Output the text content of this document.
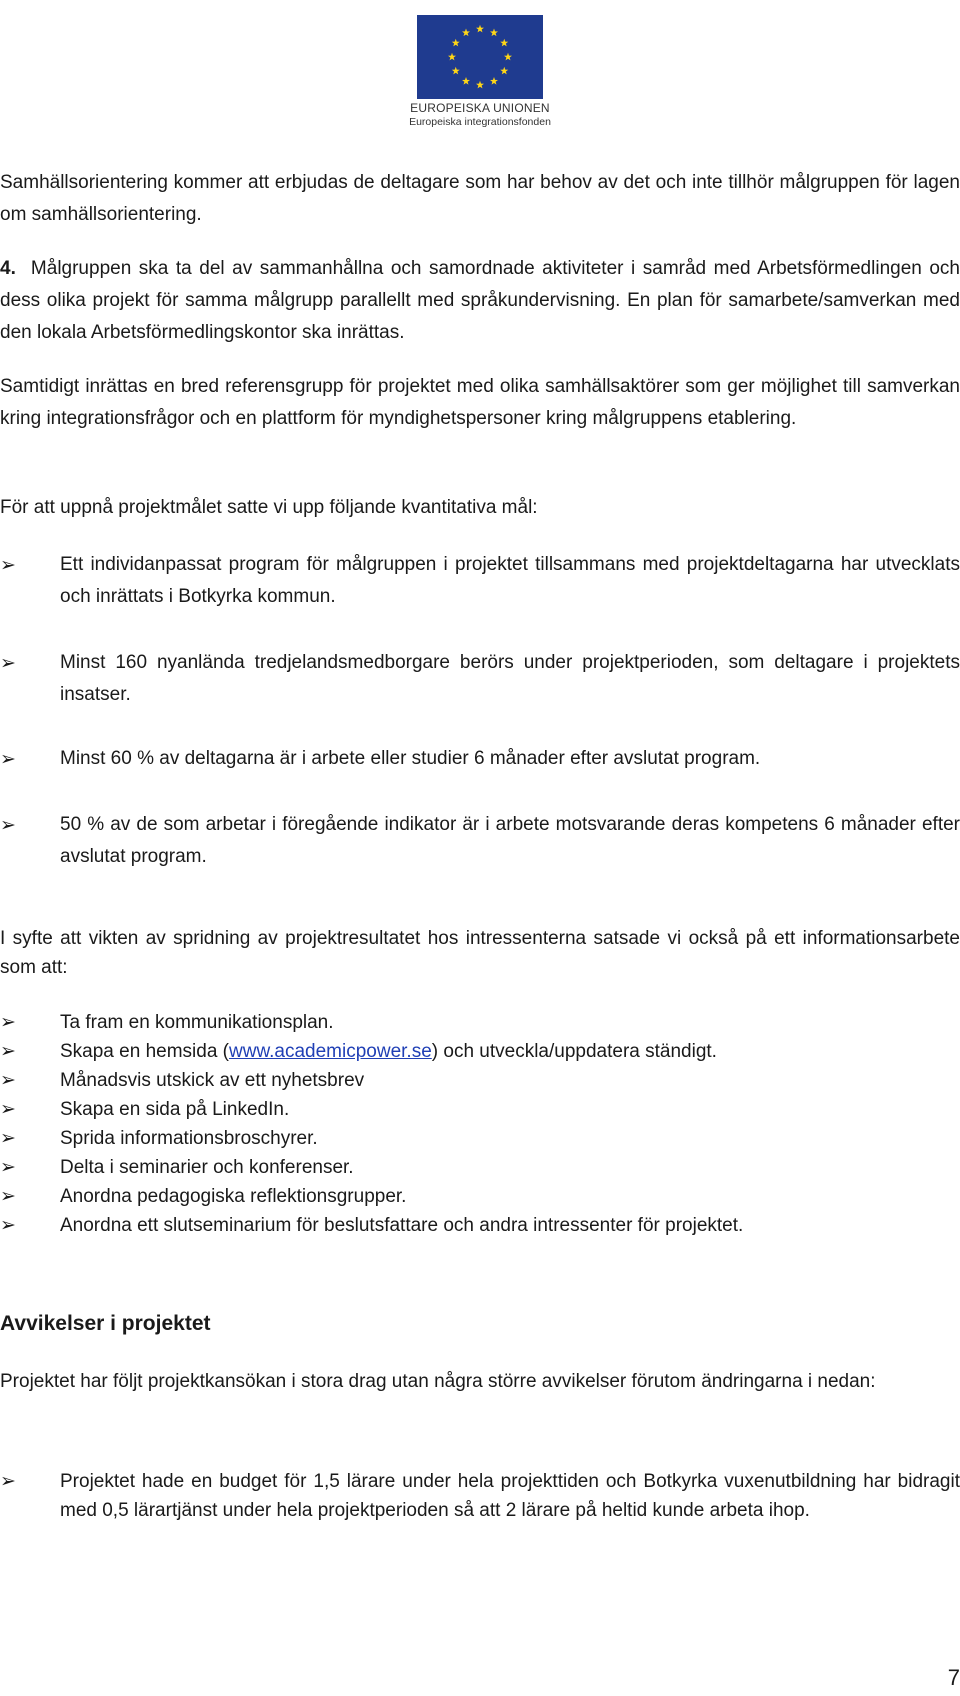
EUROPEISKA UNIONEN
Europeiska integrationsfonden
Samhällsorientering kommer att erbjudas de deltagare som har behov av det och inte tillhör målgruppen för lagen om samhällsorientering.
4. Målgruppen ska ta del av sammanhållna och samordnade aktiviteter i samråd med Arbetsförmedlingen och dess olika projekt för samma målgrupp parallellt med språkundervisning. En plan för samarbete/samverkan med den lokala Arbetsförmedlingskontor ska inrättas.
Samtidigt inrättas en bred referensgrupp för projektet med olika samhällsaktörer som ger möjlighet till samverkan kring integrationsfrågor och en plattform för myndighetspersoner kring målgruppens etablering.
För att uppnå projektmålet satte vi upp följande kvantitativa mål:
➢	Ett individanpassat program för målgruppen i projektet tillsammans med projektdeltagarna har utvecklats och inrättats i Botkyrka kommun.
➢	Minst 160 nyanlända tredjelandsmedborgare berörs under projektperioden, som deltagare i projektets insatser.
➢	Minst 60 % av deltagarna är i arbete eller studier 6 månader efter avslutat program.
➢	50 % av de som arbetar i föregående indikator är i arbete motsvarande deras kompetens 6 månader efter avslutat program.
I syfte att vikten av spridning av projektresultatet hos intressenterna satsade vi också på ett informationsarbete som att:
➢	Ta fram en kommunikationsplan.
➢	Skapa en hemsida (www.academicpower.se) och utveckla/uppdatera ständigt.
➢	Månadsvis utskick av ett nyhetsbrev
➢	Skapa en sida på LinkedIn.
➢	Sprida informationsbroschyrer.
➢	Delta i seminarier och konferenser.
➢	Anordna pedagogiska reflektionsgrupper.
➢	Anordna ett slutseminarium för beslutsfattare och andra intressenter för projektet.
Avvikelser i projektet
Projektet har följt projektkansökan i stora drag utan några större avvikelser förutom ändringarna i nedan:
➢	Projektet hade en budget för 1,5 lärare under hela projekttiden och Botkyrka vuxenutbildning har bidragit med 0,5 lärartjänst under hela projektperioden så att 2 lärare på heltid kunde arbeta ihop.
7
